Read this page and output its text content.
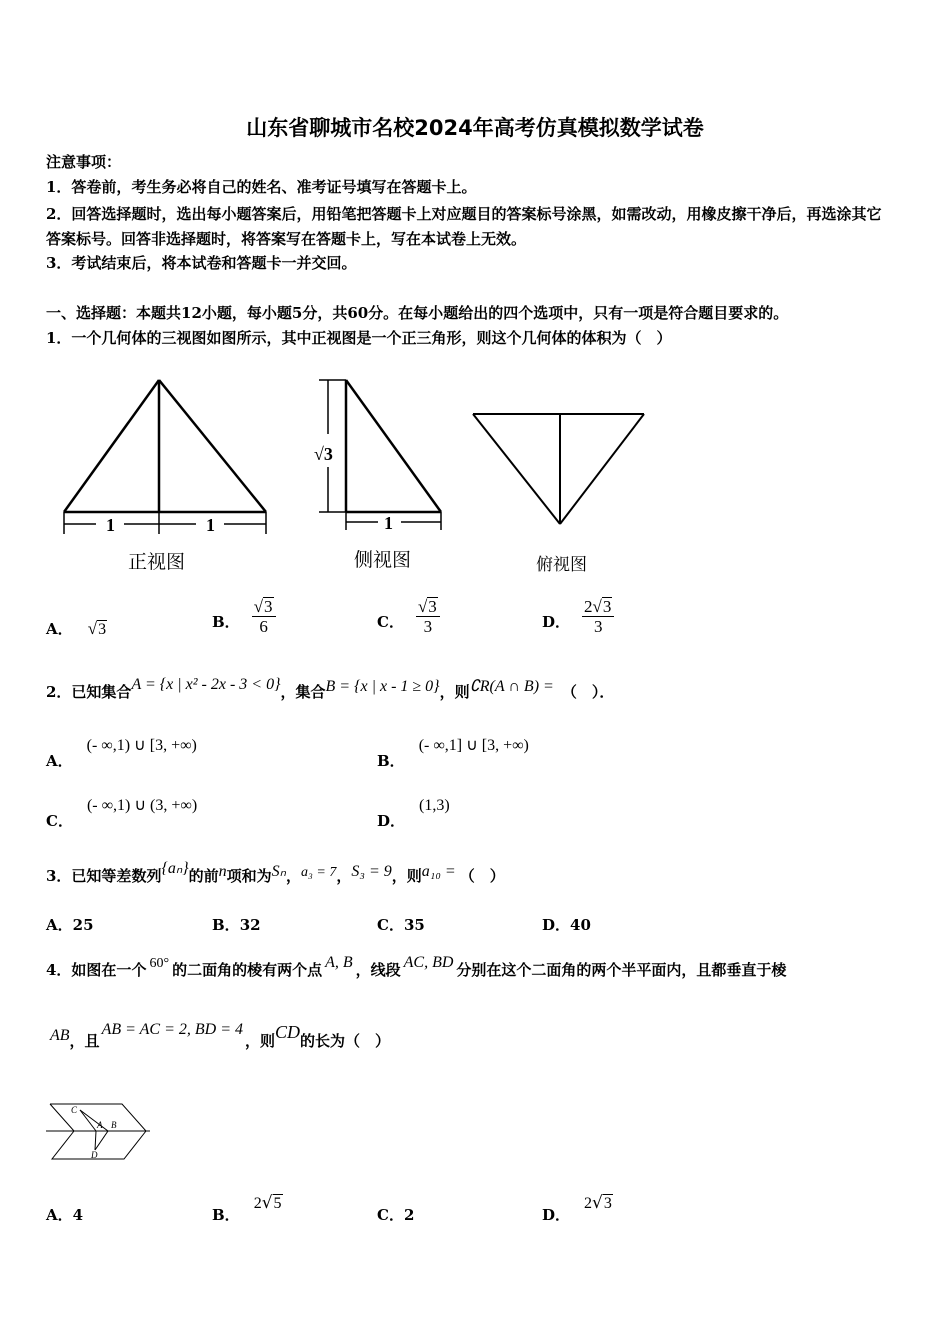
山东省聊城市名校2024年高考仿真模拟数学试卷
注意事项：
1．答卷前，考生务必将自己的姓名、准考证号填写在答题卡上。
2．回答选择题时，选出每小题答案后，用铅笔把答题卡上对应题目的答案标号涂黑，如需改动，用橡皮擦干净后，再选涂其它答案标号。回答非选择题时，将答案写在答题卡上，写在本试卷上无效。
3．考试结束后，将本试卷和答题卡一并交回。
一、选择题：本题共12小题，每小题5分，共60分。在每小题给出的四个选项中，只有一项是符合题目要求的。
1．一个几何体的三视图如图所示，其中正视图是一个正三角形，则这个几何体的体积为（　）
1	1
正视图
√3
1
侧视图	俯视图
A． √3	B． $\frac{√3}{6}$	C． $\frac{√3}{3}$	D． $\frac{2√3}{3}$
2．已知集合A = {x | x² - 2x - 3 < 0}，集合B = {x | x - 1 ≥ 0}，则∁R(A ∩ B) = （　）．
A．(- ∞,1) ∪ [3, +∞)
B．(- ∞,1] ∪ [3, +∞)
C．(- ∞,1) ∪ (3, +∞)
D．(1,3)
3．已知等差数列{aₙ}的前n项和为Sₙ，a₃ = 7，S₃ = 9，则a₁₀ = （　）
A．25	B．32	C．35	D．40
4．如图在一个 60° 的二面角的棱有两个点 A, B ，线段 AC, BD 分别在这个二面角的两个半平面内，且都垂直于棱
AB，且AB = AC = 2, BD = 4，则CD的长为（　）
C
A B
D
A．4	B．2√5
C．2	D．2√3
